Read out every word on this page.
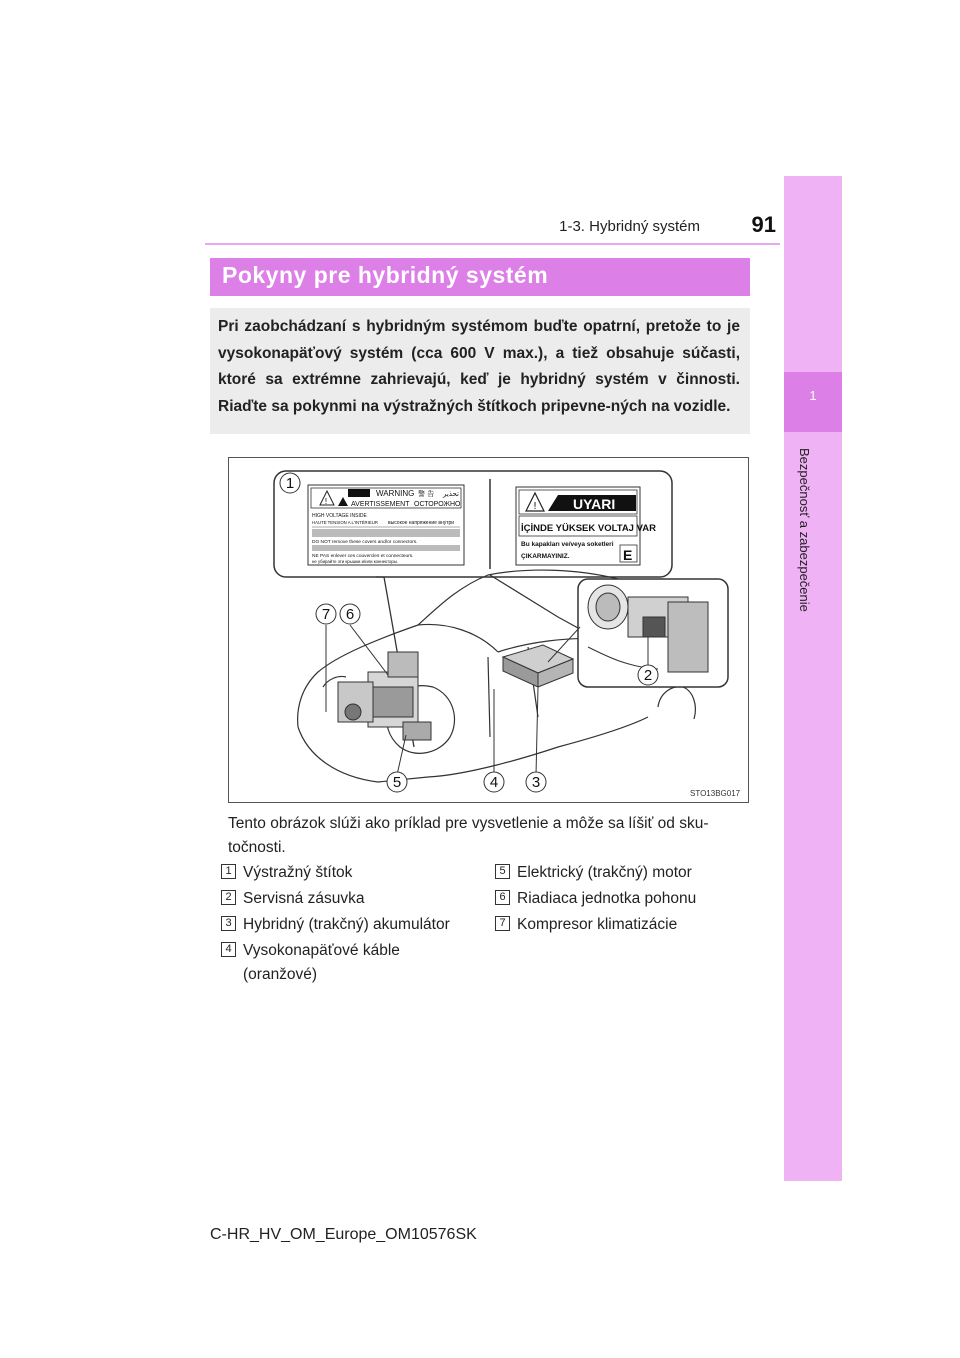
1-3. Hybridný systém	91
1
Bezpečnosť a zabezpečenie
Pokyny pre hybridný systém
Pri zaobchádzaní s hybridným systémom buďte opatrní, pretože to je vysokonapäťový systém (cca 600 V max.), a tiež obsahuje súčasti, ktoré sa extrémne zahrievajú, keď je hybridný systém v činnosti. Riaďte sa pokynmi na výstražných štítkoch pripevne-ných na vozidle.
!
WARNING 警 告 تحذير
AVERTISSEMENT ОСТОРОЖНО
HIGH VOLTAGE INSIDE
HAUTE TENSION A L'INTÉRIEUR высокое напряжение внутри
DO NOT remove these covers and/or connectors.
NE PAS enlever ces couvercles et connecteurs.
не убирайте эти крышки и/или коннекторы.
!	UYARI
İÇİNDE YÜKSEK VOLTAJ VAR
Bu kapakları ve/veya soketleri
ÇIKARMAYINIZ.	E
1
2
3
4
5
6
7
STO13BG017
Tento obrázok slúži ako príklad pre vysvetlenie a môže sa líšiť od sku-točnosti.
1 Výstražný štítok
2 Servisná zásuvka
3 Hybridný (trakčný) akumulátor
4 Vysokonapäťové káble
(oranžové)
5 Elektrický (trakčný) motor
6 Riadiaca jednotka pohonu
7 Kompresor klimatizácie
C-HR_HV_OM_Europe_OM10576SK
